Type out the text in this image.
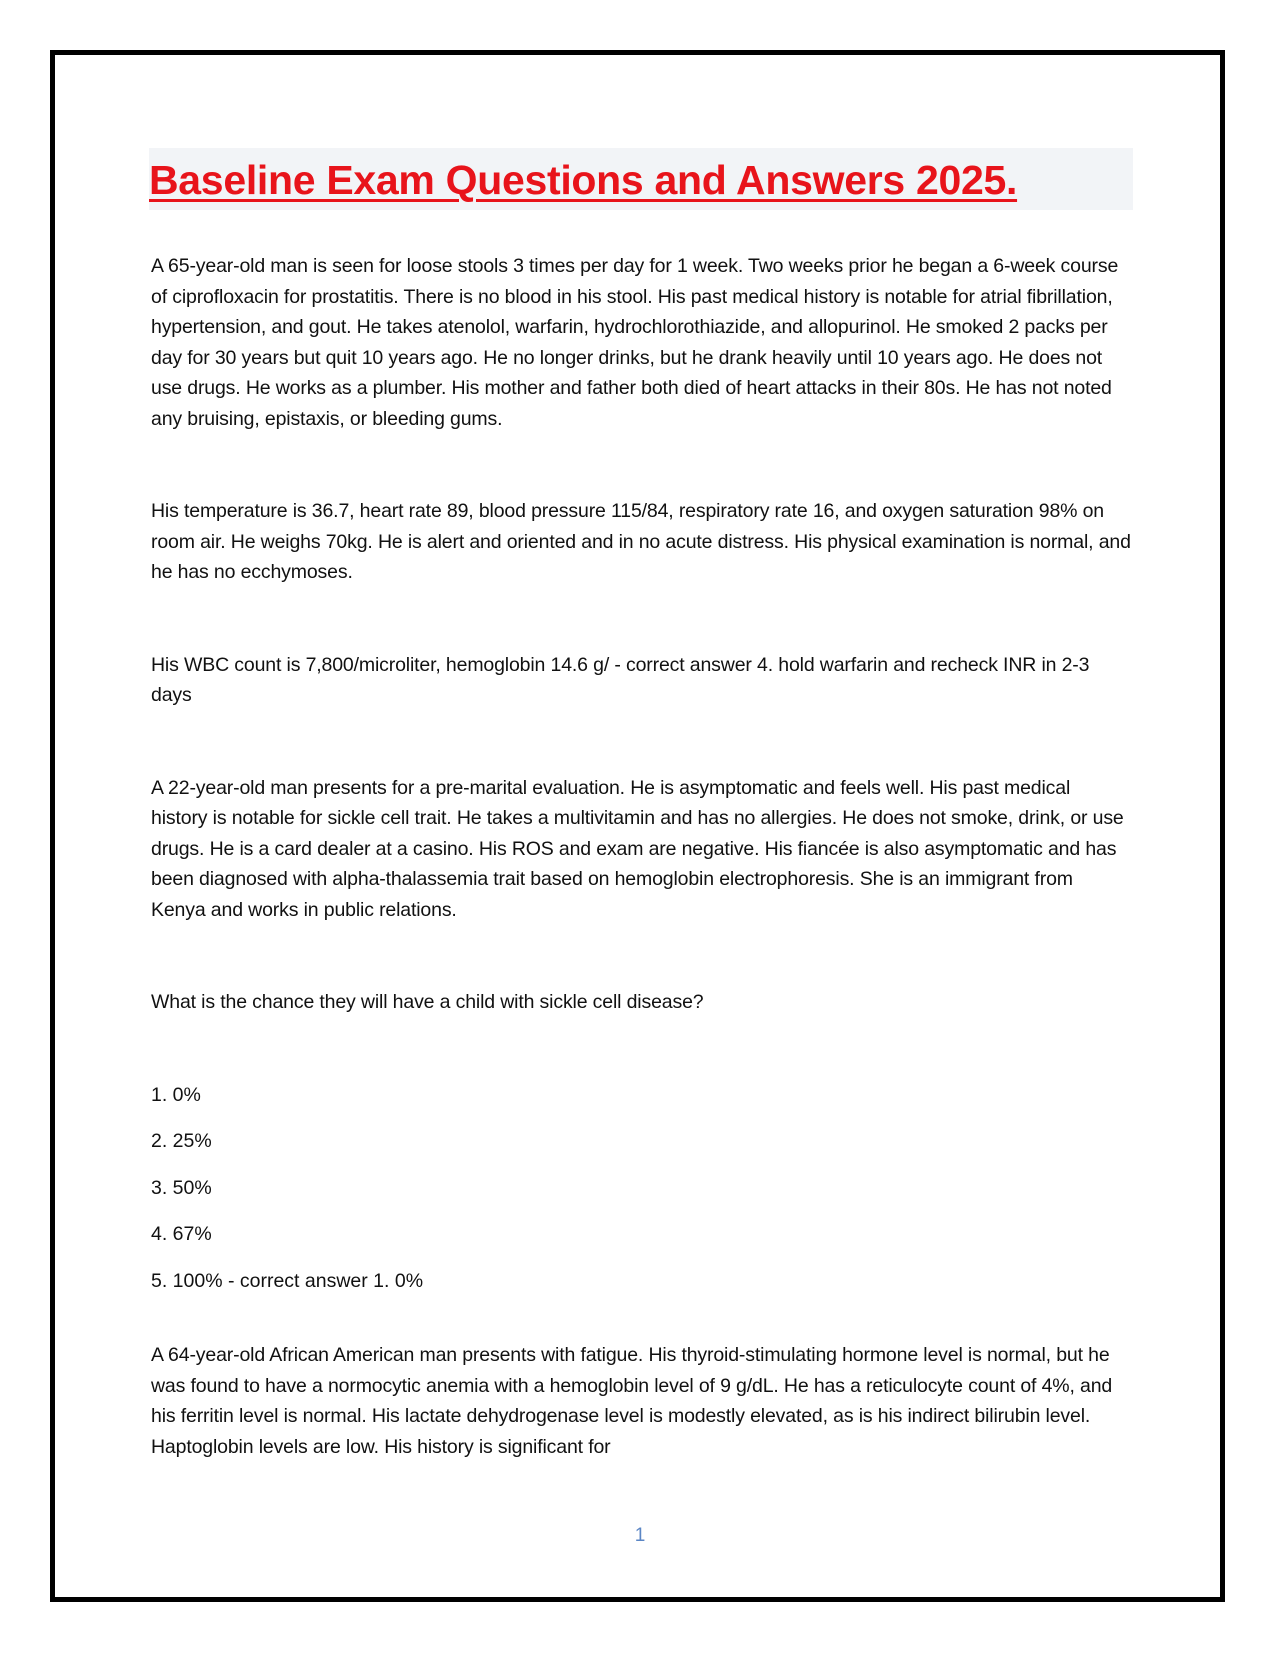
Baseline Exam Questions and Answers 2025.

A 65-year-old man is seen for loose stools 3 times per day for 1 week. Two weeks prior he began a 6-week course of ciprofloxacin for prostatitis. There is no blood in his stool. His past medical history is notable for atrial fibrillation, hypertension, and gout. He takes atenolol, warfarin, hydrochlorothiazide, and allopurinol. He smoked 2 packs per day for 30 years but quit 10 years ago. He no longer drinks, but he drank heavily until 10 years ago. He does not use drugs. He works as a plumber. His mother and father both died of heart attacks in their 80s. He has not noted any bruising, epistaxis, or bleeding gums.

His temperature is 36.7, heart rate 89, blood pressure 115/84, respiratory rate 16, and oxygen saturation 98% on room air. He weighs 70kg. He is alert and oriented and in no acute distress. His physical examination is normal, and he has no ecchymoses.

His WBC count is 7,800/microliter, hemoglobin 14.6 g/ - correct answer 4. hold warfarin and recheck INR in 2-3 days

A 22-year-old man presents for a pre-marital evaluation. He is asymptomatic and feels well. His past medical history is notable for sickle cell trait. He takes a multivitamin and has no allergies. He does not smoke, drink, or use drugs. He is a card dealer at a casino. His ROS and exam are negative. His fiancée is also asymptomatic and has been diagnosed with alpha-thalassemia trait based on hemoglobin electrophoresis. She is an immigrant from Kenya and works in public relations.

What is the chance they will have a child with sickle cell disease?

1. 0%

2. 25%

3. 50%

4. 67%

5. 100% - correct answer 1. 0%

A 64-year-old African American man presents with fatigue. His thyroid-stimulating hormone level is normal, but he was found to have a normocytic anemia with a hemoglobin level of 9 g/dL. He has a reticulocyte count of 4%, and his ferritin level is normal. His lactate dehydrogenase level is modestly elevated, as is his indirect bilirubin level. Haptoglobin levels are low. His history is significant for

1
